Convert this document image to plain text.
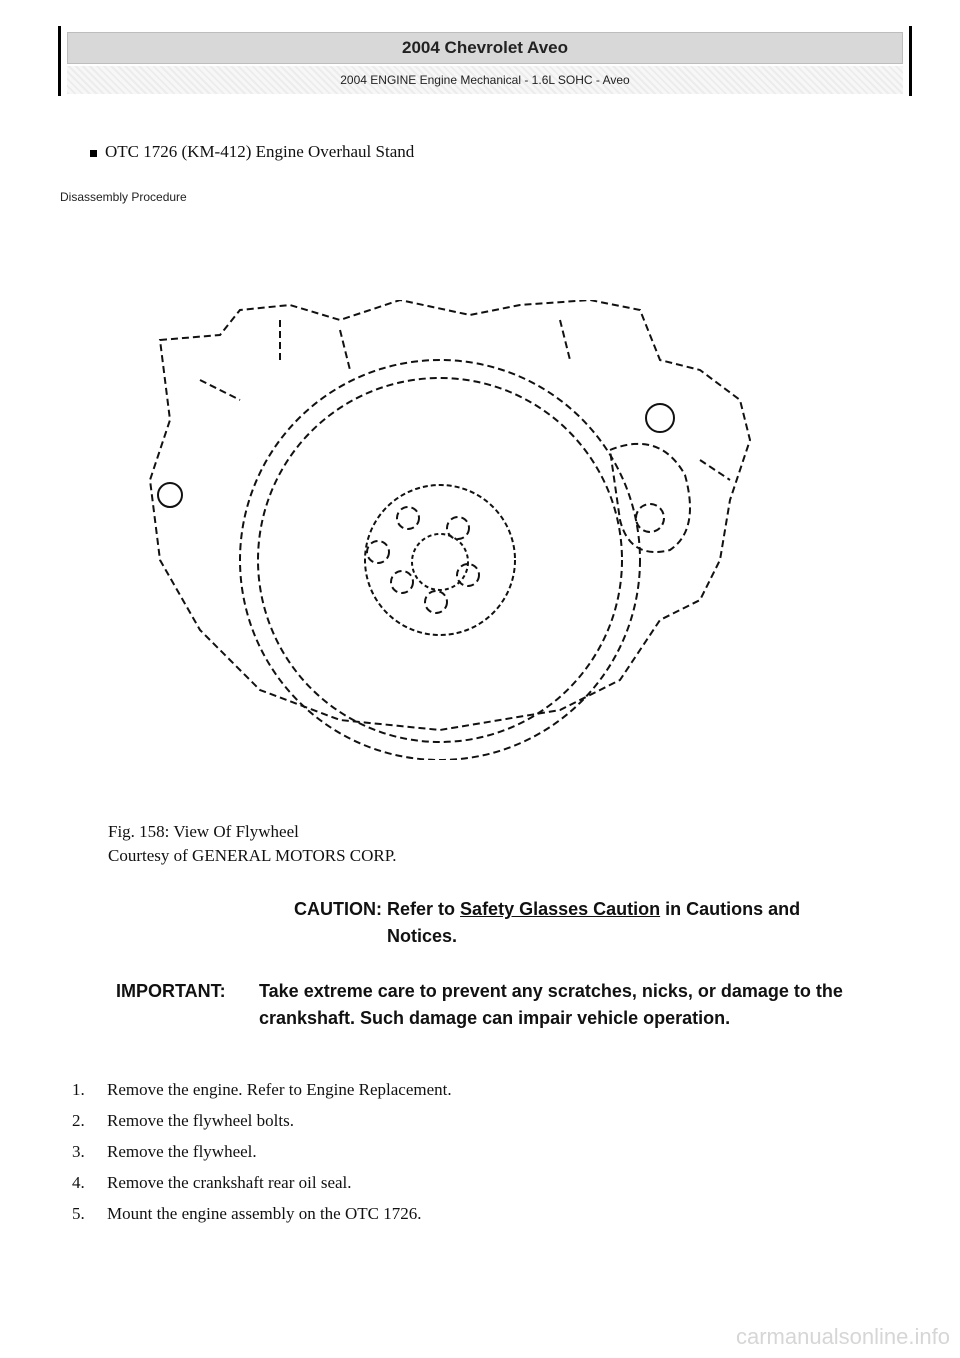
2004 Chevrolet Aveo
2004 ENGINE Engine Mechanical - 1.6L SOHC - Aveo
OTC 1726 (KM-412) Engine Overhaul Stand
Disassembly Procedure
Fig. 158: View Of Flywheel
Courtesy of GENERAL MOTORS CORP.
CAUTION: Refer to Safety Glasses Caution in Cautions and Notices.
IMPORTANT:	Take extreme care to prevent any scratches, nicks, or damage to the crankshaft. Such damage can impair vehicle operation.
1.	Remove the engine. Refer to Engine Replacement.
2.	Remove the flywheel bolts.
3.	Remove the flywheel.
4.	Remove the crankshaft rear oil seal.
5.	Mount the engine assembly on the OTC 1726.
carmanualsonline.info
